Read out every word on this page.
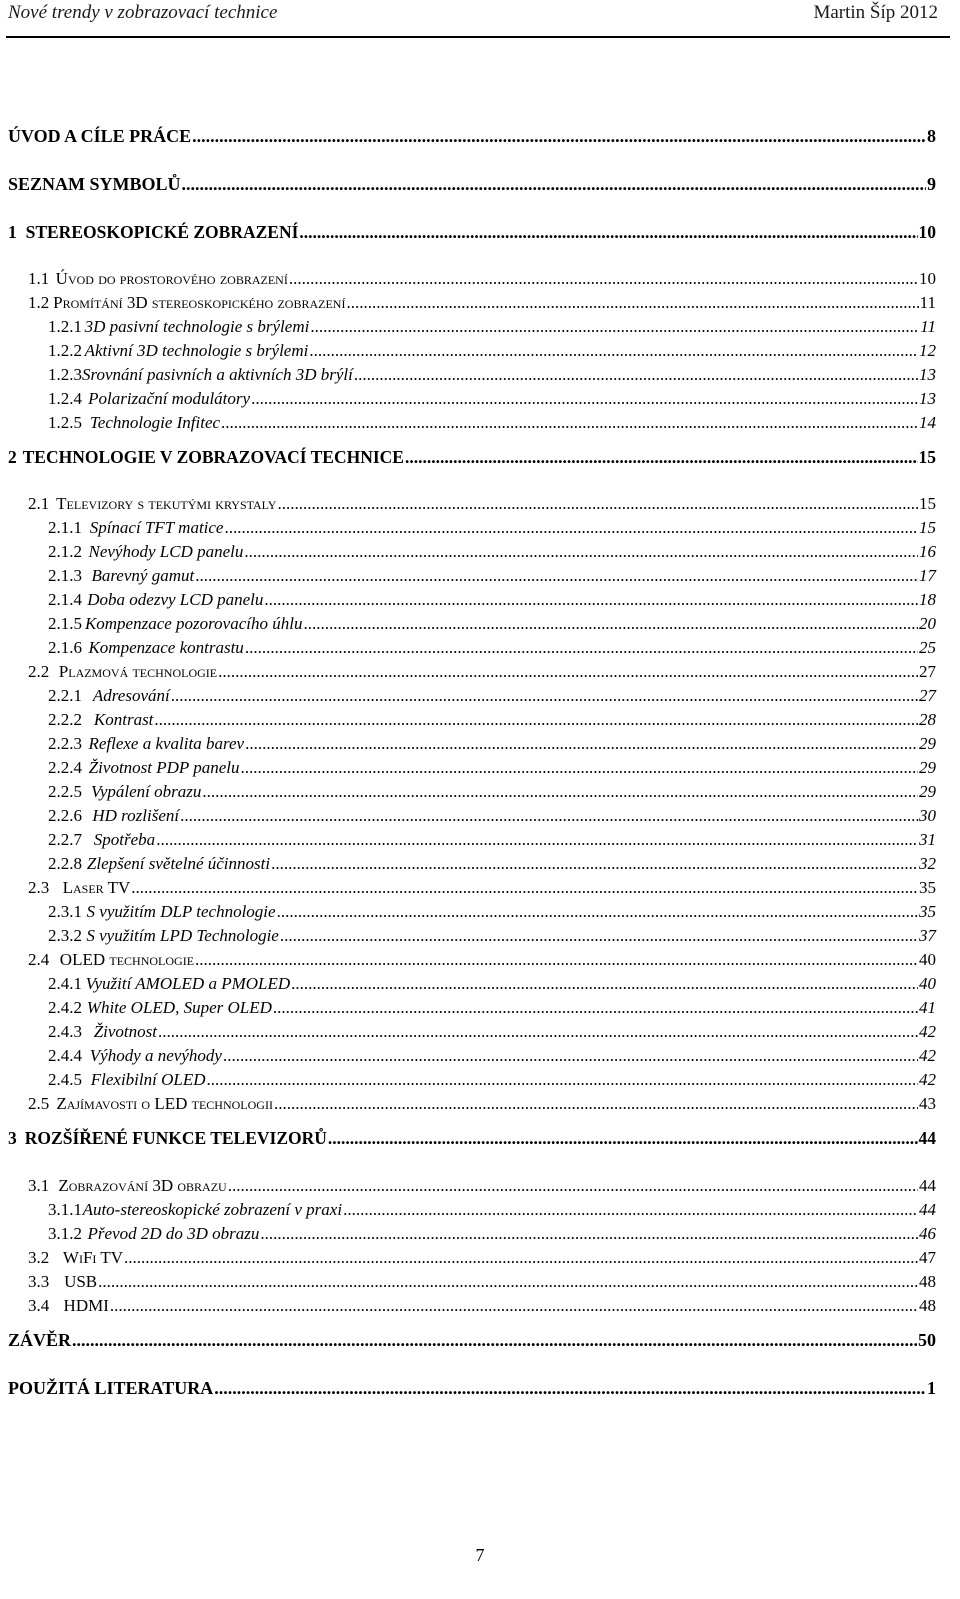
Nové trendy v zobrazovací technice	Martin Šíp 2012
ÚVOD A CÍLE PRÁCE .....	8
SEZNAM SYMBOLŮ .....	9
1 STEREOSKOPICKÉ ZOBRAZENÍ .....	10
1.1 Úvod do prostorového zobrazení .....	10
1.2 Promítání 3D stereoskopického zobrazení .....	11
1.2.1 3D pasivní technologie s brýlemi .....	11
1.2.2 Aktivní 3D technologie s brýlemi .....	12
1.2.3 Srovnání pasivních a aktivních 3D brýlí .....	13
1.2.4 Polarizační modulátory .....	13
1.2.5 Technologie Infitec .....	14
2 TECHNOLOGIE V ZOBRAZOVACÍ TECHNICE .....	15
2.1 Televizory s tekutými krystaly .....	15
2.1.1 Spínací TFT matice .....	15
2.1.2 Nevýhody LCD panelu .....	16
2.1.3 Barevný gamut .....	17
2.1.4 Doba odezvy LCD panelu .....	18
2.1.5 Kompenzace pozorovacího úhlu .....	20
2.1.6 Kompenzace kontrastu .....	25
2.2 Plazmová technologie .....	27
2.2.1 Adresování .....	27
2.2.2 Kontrast .....	28
2.2.3 Reflexe a kvalita barev .....	29
2.2.4 Životnost PDP panelu .....	29
2.2.5 Vypálení obrazu .....	29
2.2.6 HD rozlišení .....	30
2.2.7 Spotřeba .....	31
2.2.8 Zlepšení světelné účinnosti .....	32
2.3 Laser TV .....	35
2.3.1 S využitím DLP technologie .....	35
2.3.2 S využitím LPD Technologie .....	37
2.4 OLED technologie .....	40
2.4.1 Využití AMOLED a PMOLED .....	40
2.4.2 White OLED, Super OLED .....	41
2.4.3 Životnost .....	42
2.4.4 Výhody a nevýhody .....	42
2.4.5 Flexibilní OLED .....	42
2.5 Zajímavosti o LED technologii .....	43
3 ROZŠÍŘENÉ FUNKCE TELEVIZORŮ .....	44
3.1 Zobrazování 3D obrazu .....	44
3.1.1 Auto-stereoskopické zobrazení v praxi .....	44
3.1.2 Převod 2D do 3D obrazu .....	46
3.2 WiFi TV .....	47
3.3 USB .....	48
3.4 HDMI .....	48
ZÁVĚR .....	50
POUŽITÁ LITERATURA .....	1
7
